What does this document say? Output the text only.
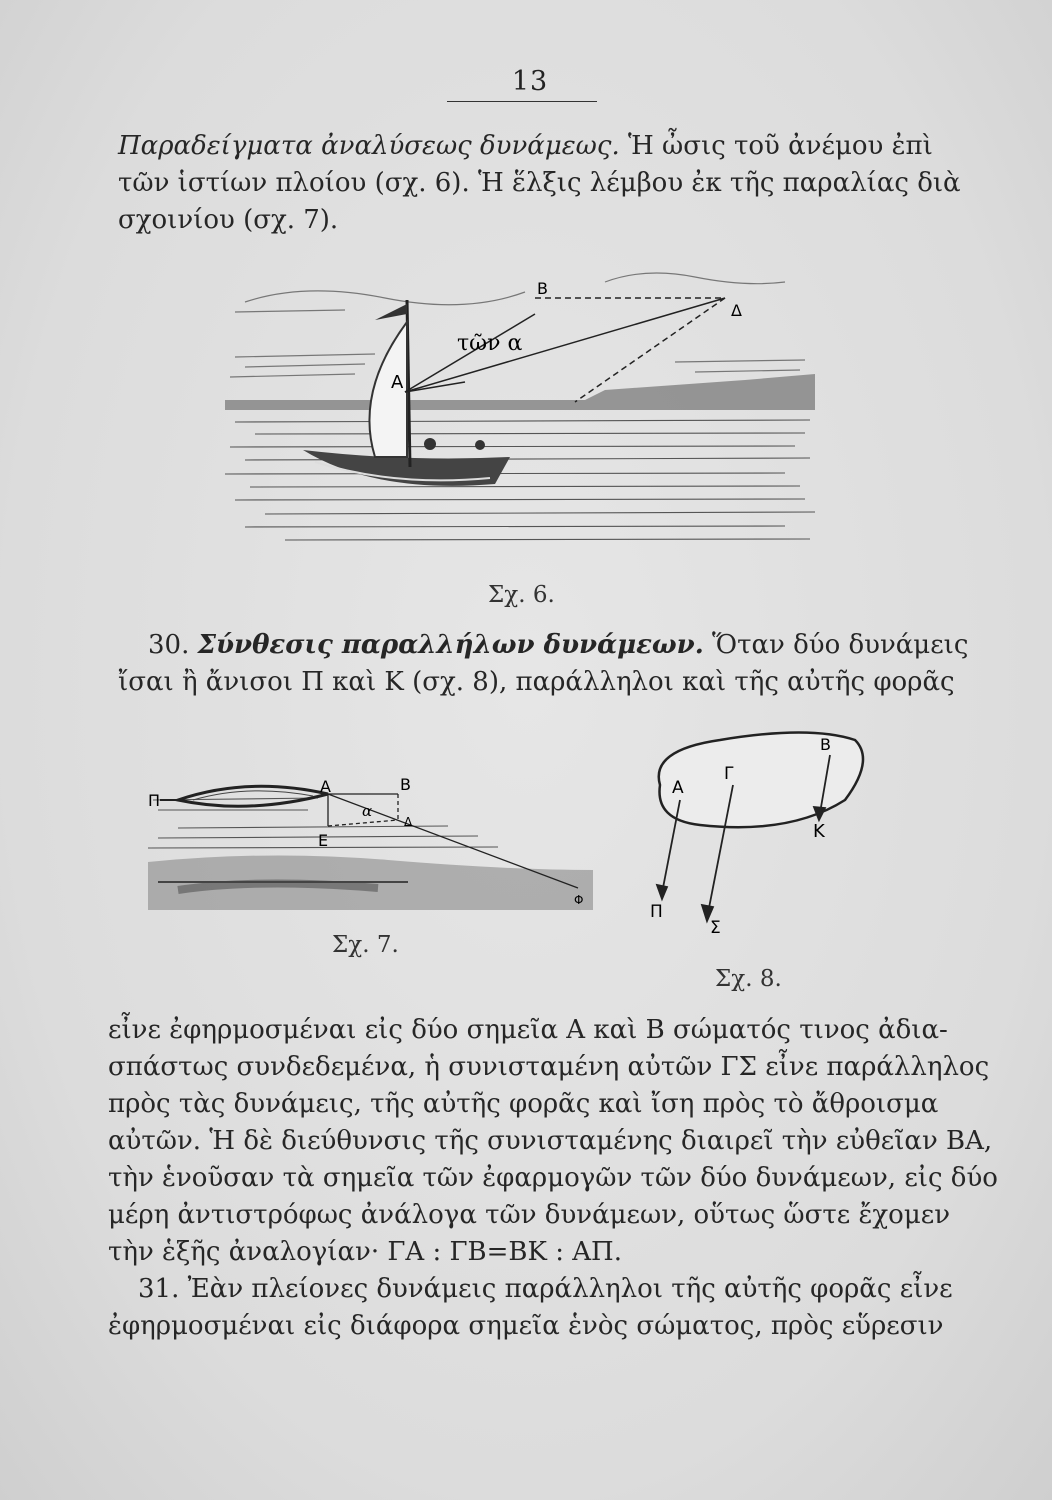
13
Παραδείγματα ἀναλύσεως δυνάμεως. Ἡ ὦσις τοῦ ἀνέμου ἐπὶ
τῶν ἱστίων πλοίου (σχ. 6). Ἡ ἕλξις λέμβου ἐκ τῆς παραλίας διὰ
σχοινίου (σχ. 7).
A
B
Δ
τῶν α
Σχ. 6.
30. Σύνθεσις παραλλήλων δυνάμεων. Ὅταν δύο δυνάμεις
ἴσαι ἢ ἄνισοι Π καὶ Κ (σχ. 8), παράλληλοι καὶ τῆς αὐτῆς φορᾶς
Π
A
α
B
Δ
E
Φ
Σχ. 7.
B
Α
Γ
K
Π
Σ
Σχ. 8.
εἶνε ἐφηρμοσμέναι εἰς δύο σημεῖα Α καὶ Β σώματός τινος ἀδια-
σπάστως συνδεδεμένα, ἡ συνισταμένη αὐτῶν ΓΣ εἶνε παράλληλος
πρὸς τὰς δυνάμεις, τῆς αὐτῆς φορᾶς καὶ ἴση πρὸς τὸ ἄθροισμα
αὐτῶν. Ἡ δὲ διεύθυνσις τῆς συνισταμένης διαιρεῖ τὴν εὐθεῖαν ΒΑ,
τὴν ἑνοῦσαν τὰ σημεῖα τῶν ἐφαρμογῶν τῶν δύο δυνάμεων, εἰς δύο
μέρη ἀντιστρόφως ἀνάλογα τῶν δυνάμεων, οὕτως ὥστε ἔχομεν
τὴν ἑξῆς ἀναλογίαν· ΓΑ : ΓΒ=ΒΚ : ΑΠ.
31. Ἐὰν πλείονες δυνάμεις παράλληλοι τῆς αὐτῆς φορᾶς εἶνε
ἐφηρμοσμέναι εἰς διάφορα σημεῖα ἑνὸς σώματος, πρὸς εὕρεσιν
